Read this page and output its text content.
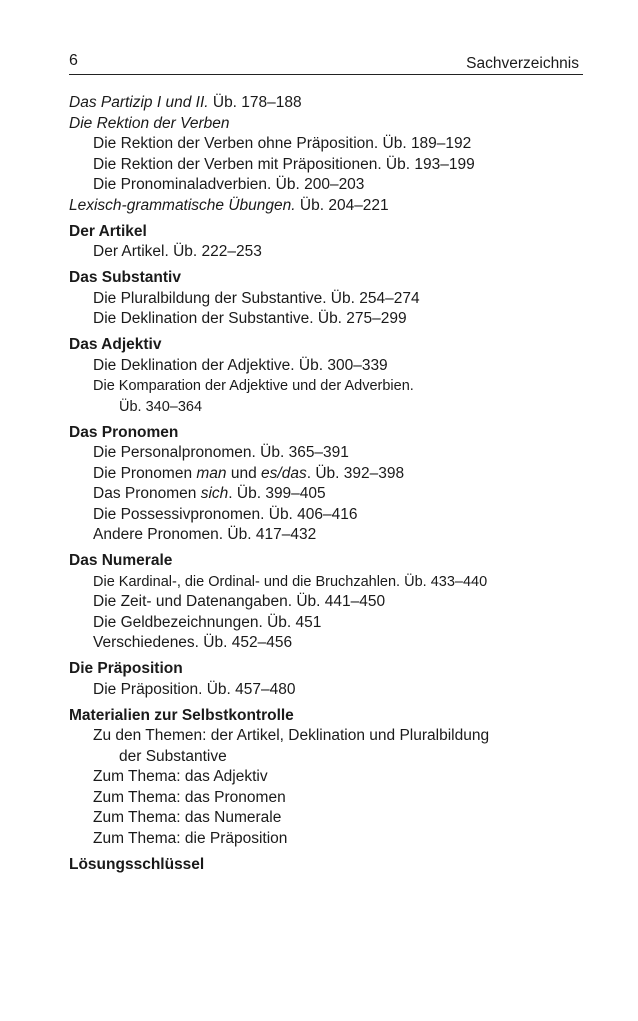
6	Sachverzeichnis
Das Partizip I und II. Üb. 178–188
Die Rektion der Verben
Die Rektion der Verben ohne Präposition. Üb. 189–192
Die Rektion der Verben mit Präpositionen. Üb. 193–199
Die Pronominaladverbien. Üb. 200–203
Lexisch-grammatische Übungen. Üb. 204–221
Der Artikel
Der Artikel. Üb. 222–253
Das Substantiv
Die Pluralbildung der Substantive. Üb. 254–274
Die Deklination der Substantive. Üb. 275–299
Das Adjektiv
Die Deklination der Adjektive. Üb. 300–339
Die Komparation der Adjektive und der Adverbien.
Üb. 340–364
Das Pronomen
Die Personalpronomen. Üb. 365–391
Die Pronomen man und es/das. Üb. 392–398
Das Pronomen sich. Üb. 399–405
Die Possessivpronomen. Üb. 406–416
Andere Pronomen. Üb. 417–432
Das Numerale
Die Kardinal-, die Ordinal- und die Bruchzahlen. Üb. 433–440
Die Zeit- und Datenangaben. Üb. 441–450
Die Geldbezeichnungen. Üb. 451
Verschiedenes. Üb. 452–456
Die Präposition
Die Präposition. Üb. 457–480
Materialien zur Selbstkontrolle
Zu den Themen: der Artikel, Deklination und Pluralbildung
der Substantive
Zum Thema: das Adjektiv
Zum Thema: das Pronomen
Zum Thema: das Numerale
Zum Thema: die Präposition
Lösungsschlüssel
